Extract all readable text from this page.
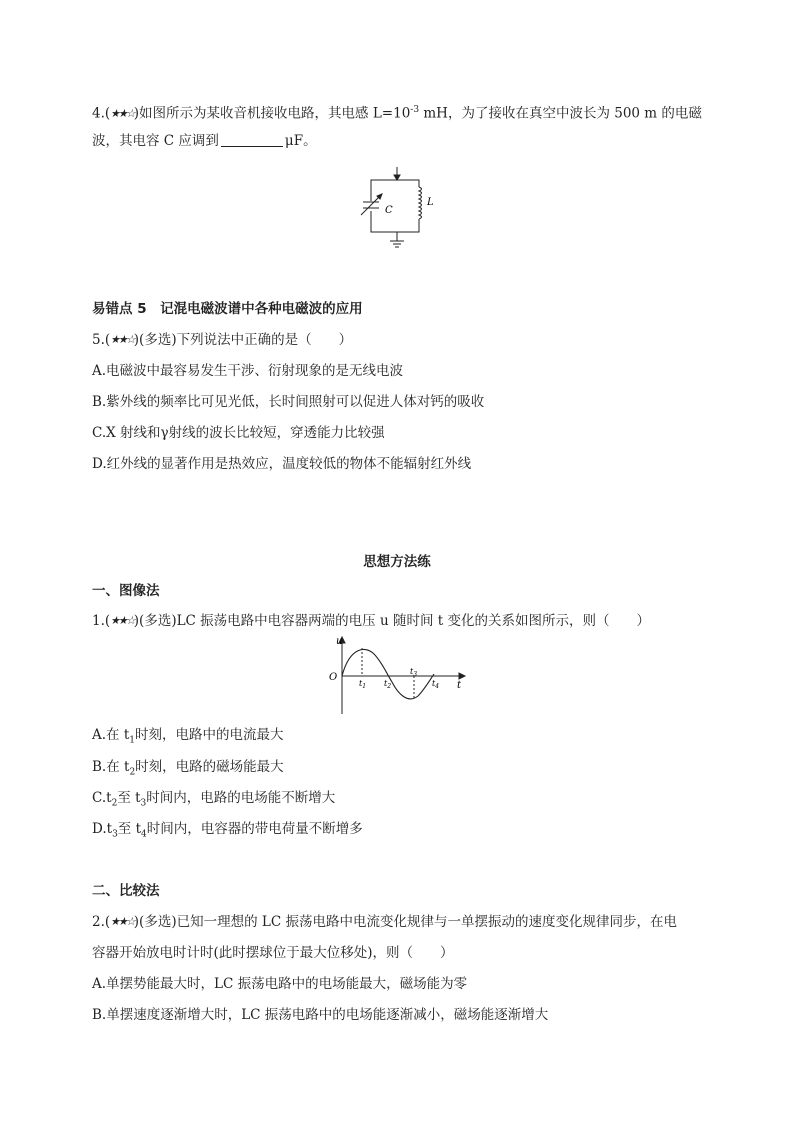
4.(★★☆)如图所示为某收音机接收电路，其电感 $L=10^{-3}$ mH，为了接收在真空中波长为 500 m 的电磁
波，其电容 C 应调到	μF。
C
L
易错点 5　记混电磁波谱中各种电磁波的应用
5.(★★☆)(多选)下列说法中正确的是（　　）
A.电磁波中最容易发生干涉、衍射现象的是无线电波
B.紫外线的频率比可见光低，长时间照射可以促进人体对钙的吸收
C.X 射线和γ射线的波长比较短，穿透能力比较强
D.红外线的显著作用是热效应，温度较低的物体不能辐射红外线
思想方法练
一、图像法
1.(★★☆)(多选)LC 振荡电路中电容器两端的电压 u 随时间 t 变化的关系如图所示，则（　　）
u
t
O
$t_1$ $t_2$
$t_3$
$t_4$
A.在 $t_1$时刻，电路中的电流最大
B.在 $t_2$时刻，电路的磁场能最大
$C.t_2$至 $t_3$时间内，电路的电场能不断增大
$D.t_3$至 $t_4$时间内，电容器的带电荷量不断增多
二、比较法
2.(★★☆)(多选)已知一理想的 LC 振荡电路中电流变化规律与一单摆振动的速度变化规律同步，在电
容器开始放电时计时(此时摆球位于最大位移处)，则（　　）
A.单摆势能最大时，LC 振荡电路中的电场能最大，磁场能为零
B.单摆速度逐渐增大时，LC 振荡电路中的电场能逐渐减小，磁场能逐渐增大
